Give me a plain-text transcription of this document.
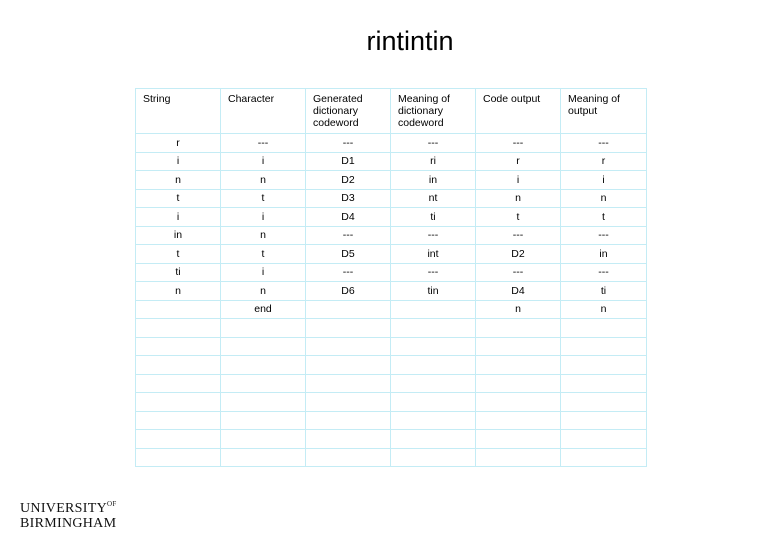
rintintin
String	Character	Generated dictionary codeword	Meaning of dictionary codeword	Code output	Meaning of output
r	---	---	---	---	---
i	i	D1	ri	r	r
n	n	D2	in	i	i
t	t	D3	nt	n	n
i	i	D4	ti	t	t
in	n	---	---	---	---
t	t	D5	int	D2	in
ti	i	---	---	---	---
n	n	D6	tin	D4	ti
	end			n	n

$UNIVERSITY^{OF}$
BIRMINGHAM
